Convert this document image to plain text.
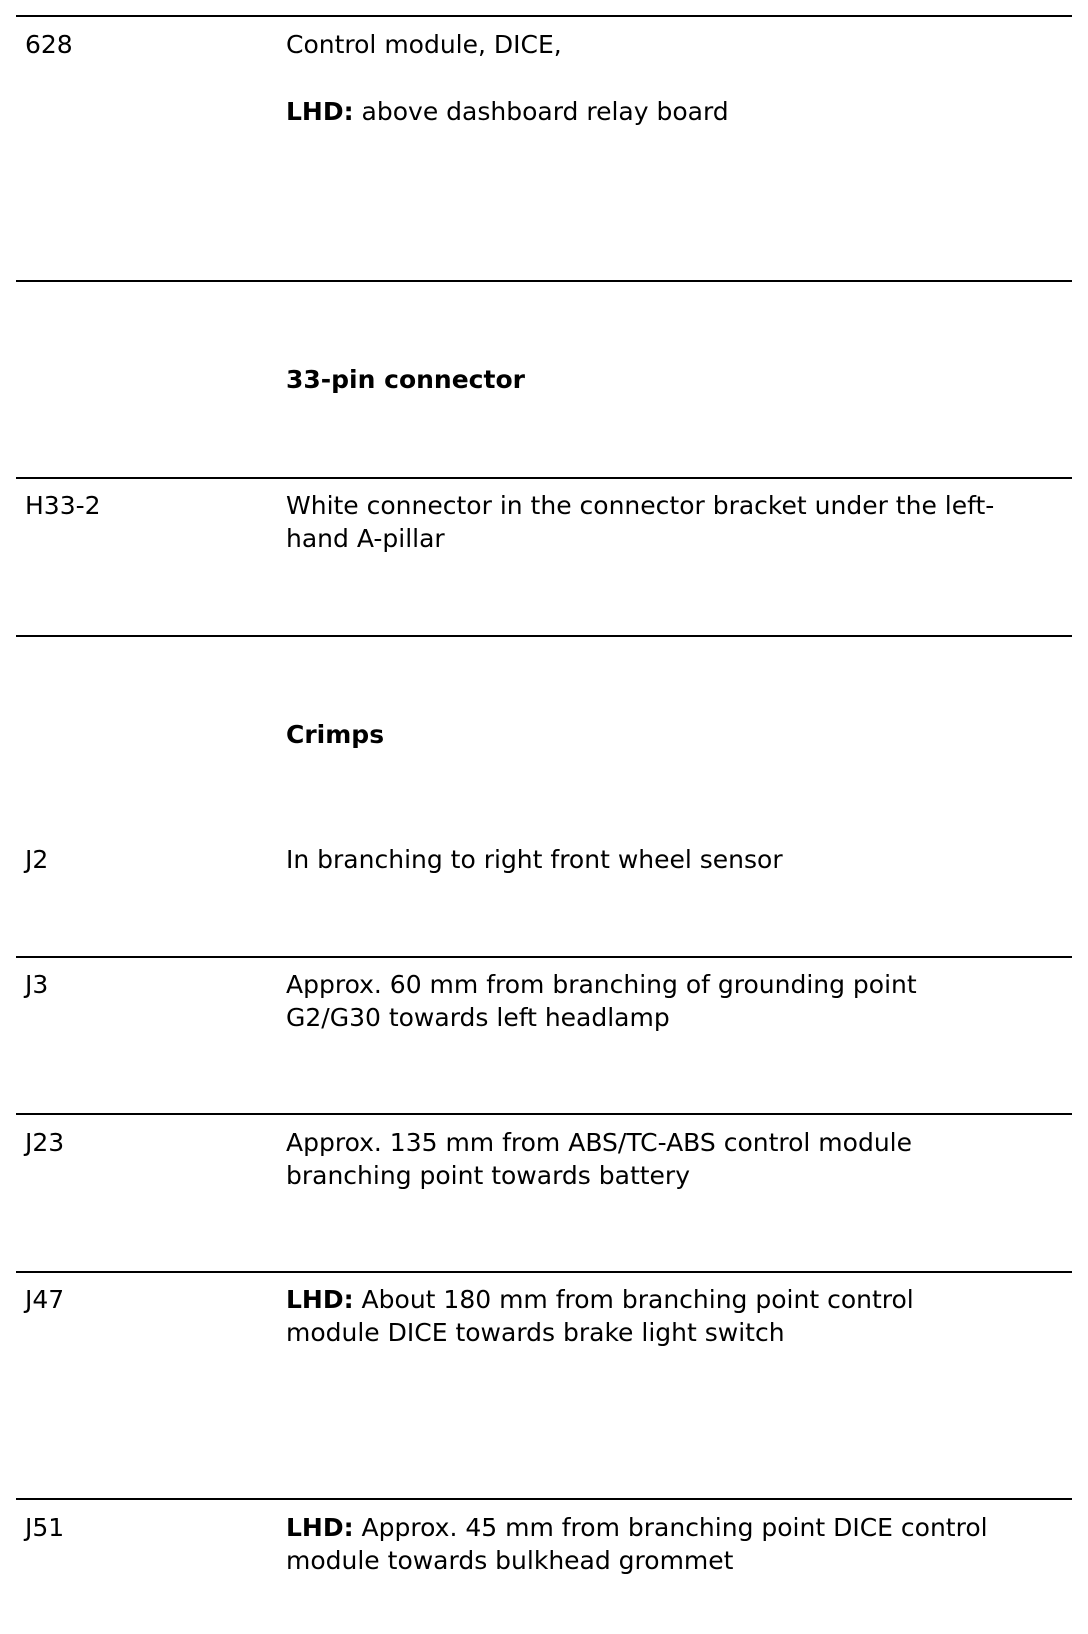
628	Control module, DICE,

LHD: above dashboard relay board

33-pin connector
H33-2	White connector in the connector bracket under the left-
hand A-pillar
Crimps
J2	In branching to right front wheel sensor
J3	Approx. 60 mm from branching of grounding point
G2/G30 towards left headlamp
J23	Approx. 135 mm from ABS/TC-ABS control module
branching point towards battery
J47	LHD: About 180 mm from branching point control
module DICE towards brake light switch
J51	LHD: Approx. 45 mm from branching point DICE control
module towards bulkhead grommet
